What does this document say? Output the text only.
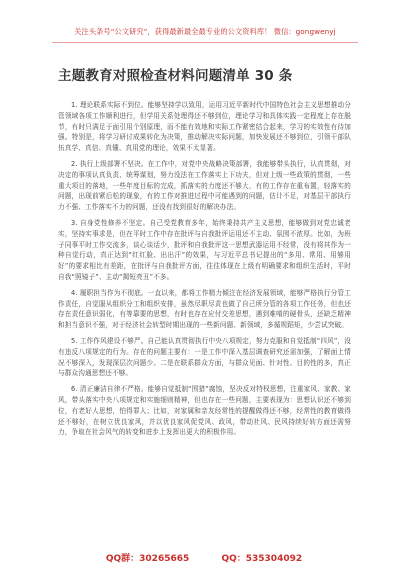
关注头条号“公文研究”，获得最新最全最专业的公文资料库！ 微信：gongwenyj
主题教育对照检查材料问题清单 30 条

1. 理论联系实际不到位。能够坚持学以致用，运用习近平新时代中国特色社会主义思想推动分管领域各项工作顺利进行，但学用关系处理得还不够到位，理论学习和具体实践一定程度上存在脱节，有时只满足于面引用个别原理，而不能有效地和实际工作紧密结合起来，学习的实效性有待加强。特别是，将学习研讨成果转化为决策，推动解决实际问题，加快发展还不够到位，引领干部队伍真学、真信、真懂、真用党的理论，效果不太显著。

2. 执行上级部署不坚决。在工作中，对党中央战略决策部署，我能够带头执行，认真贯彻，对决定的事项认真负责、统筹谋划，努力没法在工作落实上下功夫，但对上级一些政策的贯彻，一些重大项目的落地，一些年度目标的完成，抓落实的力度还不够大，有的工作存在重布置，轻落实的问题，出现前紧后松的现象，有的工作对推进过程中可能遇到的问题，估计不足，对基层干部执行力不强、工作落实不力的问题，还没有找到很好的解决办法。

3. 自身党性修养不坚定。自己受党教育多年，始终秉持共产主义思想，能够做到对党忠诚老实，坚持实事求是，但在平时工作中存在批评与自我批评运用还不主动、氛围不浓厚。比如，为班子同事平时工作交流多，谈心谈话少，批评和自我批评这一思想武器运用不经常，没有将其作为一种自觉行动，真正达到“红红脸、出出汗”的效果，与习近平总书记提出的“多用、常用、用够用好”的要求相比有差距，在批评与自我批评方面，往往体现在上级有明确要求和组织生活时，平时自我“照镜子”、主动“揭短亮丑”不多。

4. 履职担当作为不彻底。一直以来，都将工作精力倾注在经济发展领域，能够严格执行分管工作责任，自觉服从组织分工和组织安排，虽然尽职尽责也做了自己所分管的各项工作任务，但也还存在责任意识弱化，有等靠要的思想，有时也存在应付交差思想，遇到难啃的硬骨头，还缺乏精神和担当意识不强，对于经济社会转型时期出现的一些新问题、新领域，多循规蹈矩，少尝试突破。

5. 工作作风建设不够严。自己能认真贯彻执行中央八项规定，努力克服和自觉抵制“四风”，没有违反八项规定的行为。存在的问题主要有：一是工作中深入基层调查研究还需加强，了解面上情况不够深入，发现深层次问题少。二是在联系群众方面，与群众见面、针对性、目的性的多，真正与群众沟通思想还不够。

6. 清正廉洁自律不严格。能够自觉抵制“围猎”腐蚀，坚决反对特权思想，注重家风、家教、家风，带头落实中央八项规定和实施细则精神，但也存在一些问题，主要表现为：思想认识还不够到位，有老好人思想，怕得罪人；比如，对家属和亲友经常性的提醒做得还不够，经常性的教育做得还不够好，在树立优良家风，并以优良家风促党风、政风，带动社风、民风持续好转方面还需努力，争取在社会风气的转变和进步上发挥出更大的积极作用。

QQ群：30265665	QQ：535304092
